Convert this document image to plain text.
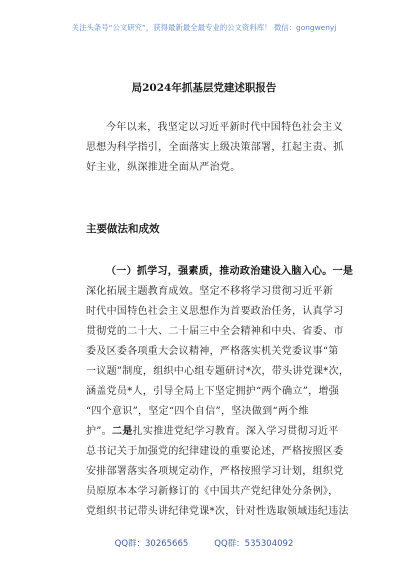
关注头条号“公文研究”，获得最新最全最专业的公文资料库！ 微信：gongwenyj
局2024年抓基层党建述职报告
今年以来，我坚定以习近平新时代中国特色社会主义
思想为科学指引，全面落实上级决策部署，扛起主责、抓
好主业，纵深推进全面从严治党。
主要做法和成效
（一）抓学习，强素质，推动政治建设入脑入心。一是
深化拓展主题教育成效。坚定不移将学习贯彻习近平新
时代中国特色社会主义思想作为首要政治任务，认真学习
贯彻党的二十大、二十届三中全会精神和中央、省委、市
委及区委各项重大会议精神，严格落实机关党委议事“第
一议题”制度，组织中心组专题研讨*次，带头讲党课*次，
涵盖党员*人，引导全局上下坚定拥护“两个确立”，增强
“四个意识”，坚定“四个自信”，坚决做到“两个维
护”。二是扎实推进党纪学习教育。深入学习贯彻习近平
总书记关于加强党的纪律建设的重要论述，严格按照区委
安排部署落实各项规定动作，严格按照学习计划，组织党
员原原本本学习新修订的《中国共产党纪律处分条例》，
党组织书记带头讲纪律党课*次，针对性选取领域违纪违法
QQ群：30265665	QQ群：535304092
